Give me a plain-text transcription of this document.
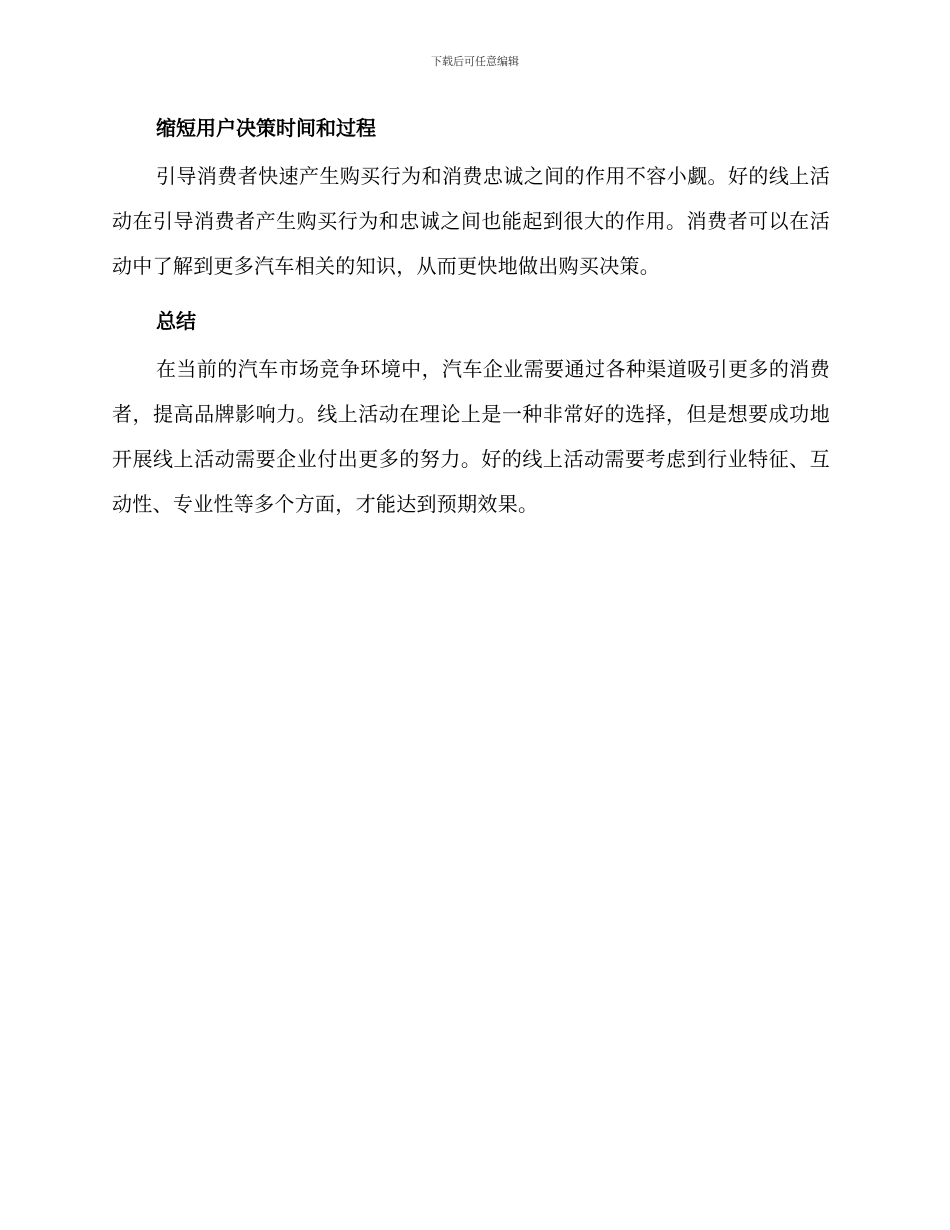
下载后可任意编辑
缩短用户决策时间和过程

引导消费者快速产生购买行为和消费忠诚之间的作用不容小觑。好的线上活动在引导消费者产生购买行为和忠诚之间也能起到很大的作用。消费者可以在活动中了解到更多汽车相关的知识，从而更快地做出购买决策。

总结

在当前的汽车市场竞争环境中，汽车企业需要通过各种渠道吸引更多的消费者，提高品牌影响力。线上活动在理论上是一种非常好的选择，但是想要成功地开展线上活动需要企业付出更多的努力。好的线上活动需要考虑到行业特征、互动性、专业性等多个方面，才能达到预期效果。
